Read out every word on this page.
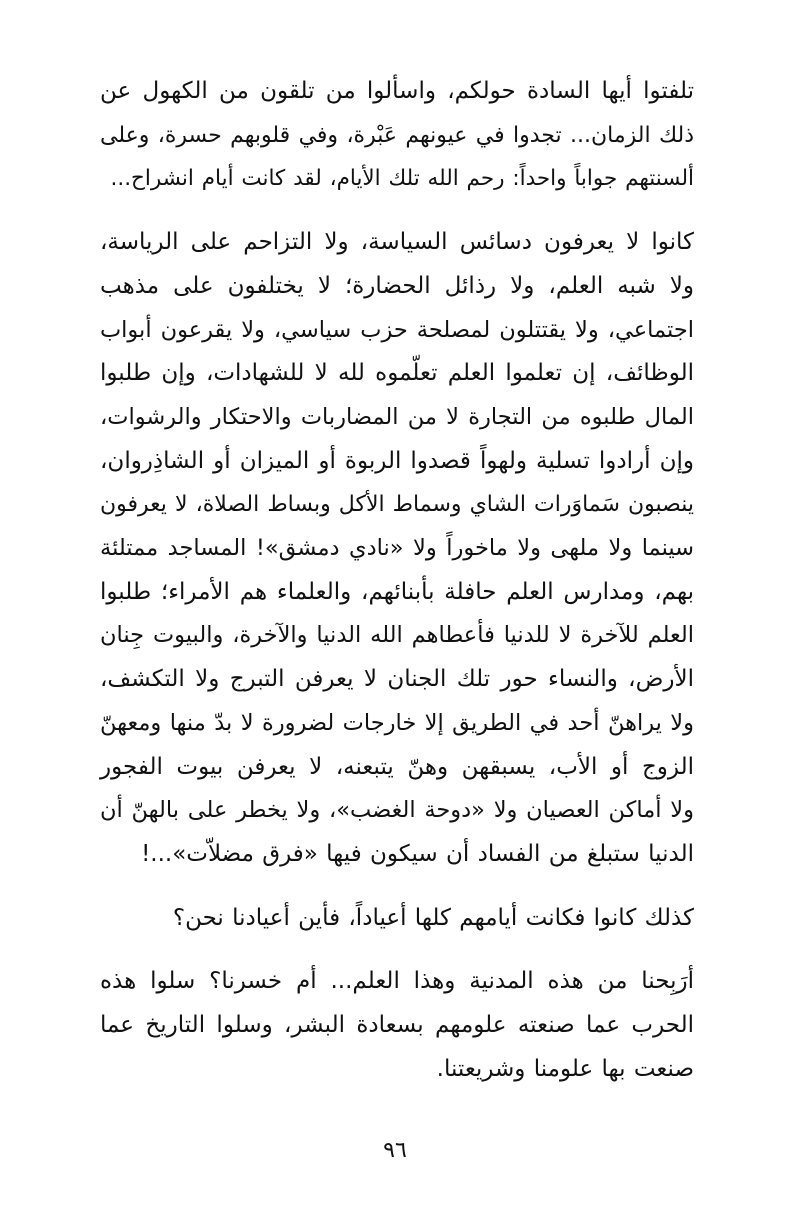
تلفتوا أيها السادة حولكم، واسألوا من تلقون من الكهول عن
ذلك الزمان... تجدوا في عيونهم عَبْرة، وفي قلوبهم حسرة، وعلى
ألسنتهم جواباً واحداً: رحم الله تلك الأيام، لقد كانت أيام انشراح...

كانوا لا يعرفون دسائس السياسة، ولا التزاحم على الرياسة،
ولا شبه العلم، ولا رذائل الحضارة؛ لا يختلفون على مذهب
اجتماعي، ولا يقتتلون لمصلحة حزب سياسي، ولا يقرعون أبواب
الوظائف، إن تعلموا العلم تعلّموه لله لا للشهادات، وإن طلبوا
المال طلبوه من التجارة لا من المضاربات والاحتكار والرشوات،
وإن أرادوا تسلية ولهواً قصدوا الربوة أو الميزان أو الشاذِروان،
ينصبون سَماوَرات الشاي وسماط الأكل وبساط الصلاة، لا يعرفون
سينما ولا ملهى ولا ماخوراً ولا «نادي دمشق»! المساجد ممتلئة
بهم، ومدارس العلم حافلة بأبنائهم، والعلماء هم الأمراء؛ طلبوا
العلم للآخرة لا للدنيا فأعطاهم الله الدنيا والآخرة، والبيوت جِنان
الأرض، والنساء حور تلك الجنان لا يعرفن التبرج ولا التكشف،
ولا يراهنّ أحد في الطريق إلا خارجات لضرورة لا بدّ منها ومعهنّ
الزوج أو الأب، يسبقهن وهنّ يتبعنه، لا يعرفن بيوت الفجور
ولا أماكن العصيان ولا «دوحة الغضب»، ولا يخطر على بالهنّ أن
الدنيا ستبلغ من الفساد أن سيكون فيها «فرق مضلاّت»...!

كذلك كانوا فكانت أيامهم كلها أعياداً، فأين أعيادنا نحن؟

أرَبِحنا من هذه المدنية وهذا العلم... أم خسرنا؟ سلوا هذه
الحرب عما صنعته علومهم بسعادة البشر، وسلوا التاريخ عما
صنعت بها علومنا وشريعتنا.

٩٦
